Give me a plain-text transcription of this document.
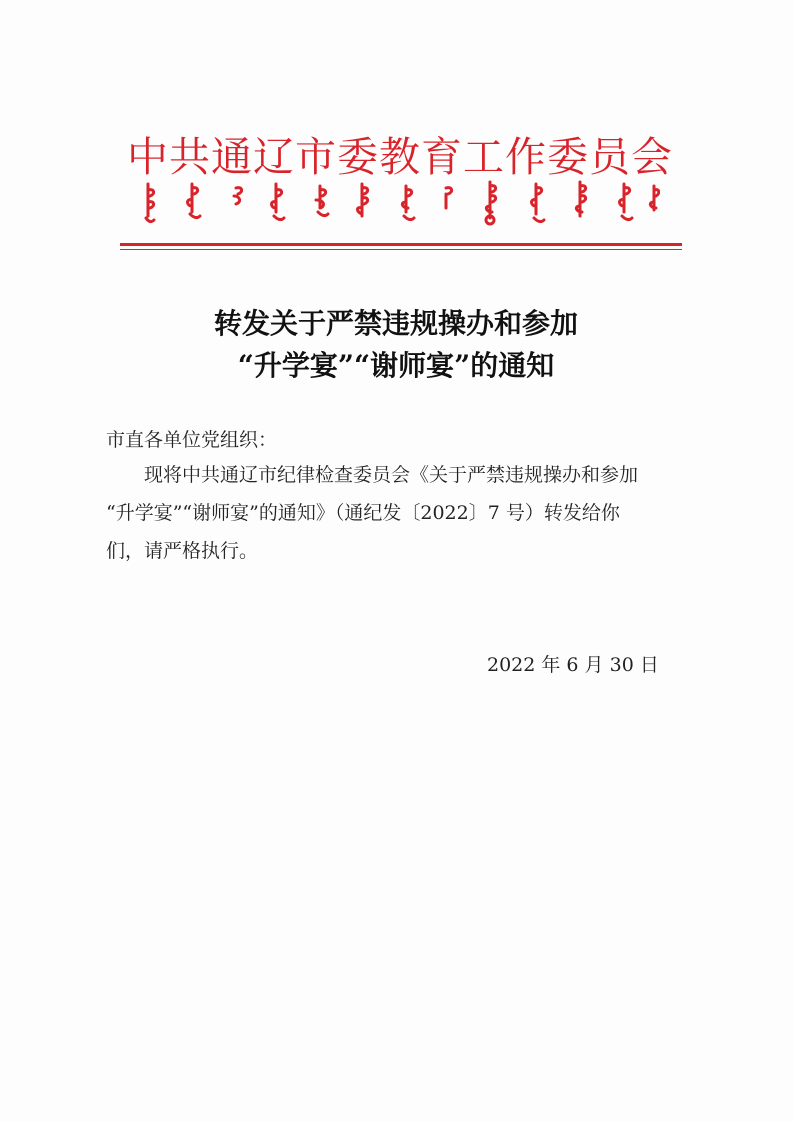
中共通辽市委教育工作委员会
转发关于严禁违规操办和参加
“升学宴”“谢师宴”的通知
市直各单位党组织：
现将中共通辽市纪律检查委员会《关于严禁违规操办和参加
“升学宴”“谢师宴”的通知》（通纪发〔2022〕7 号）转发给你
们，请严格执行。
2022 年 6 月 30 日
